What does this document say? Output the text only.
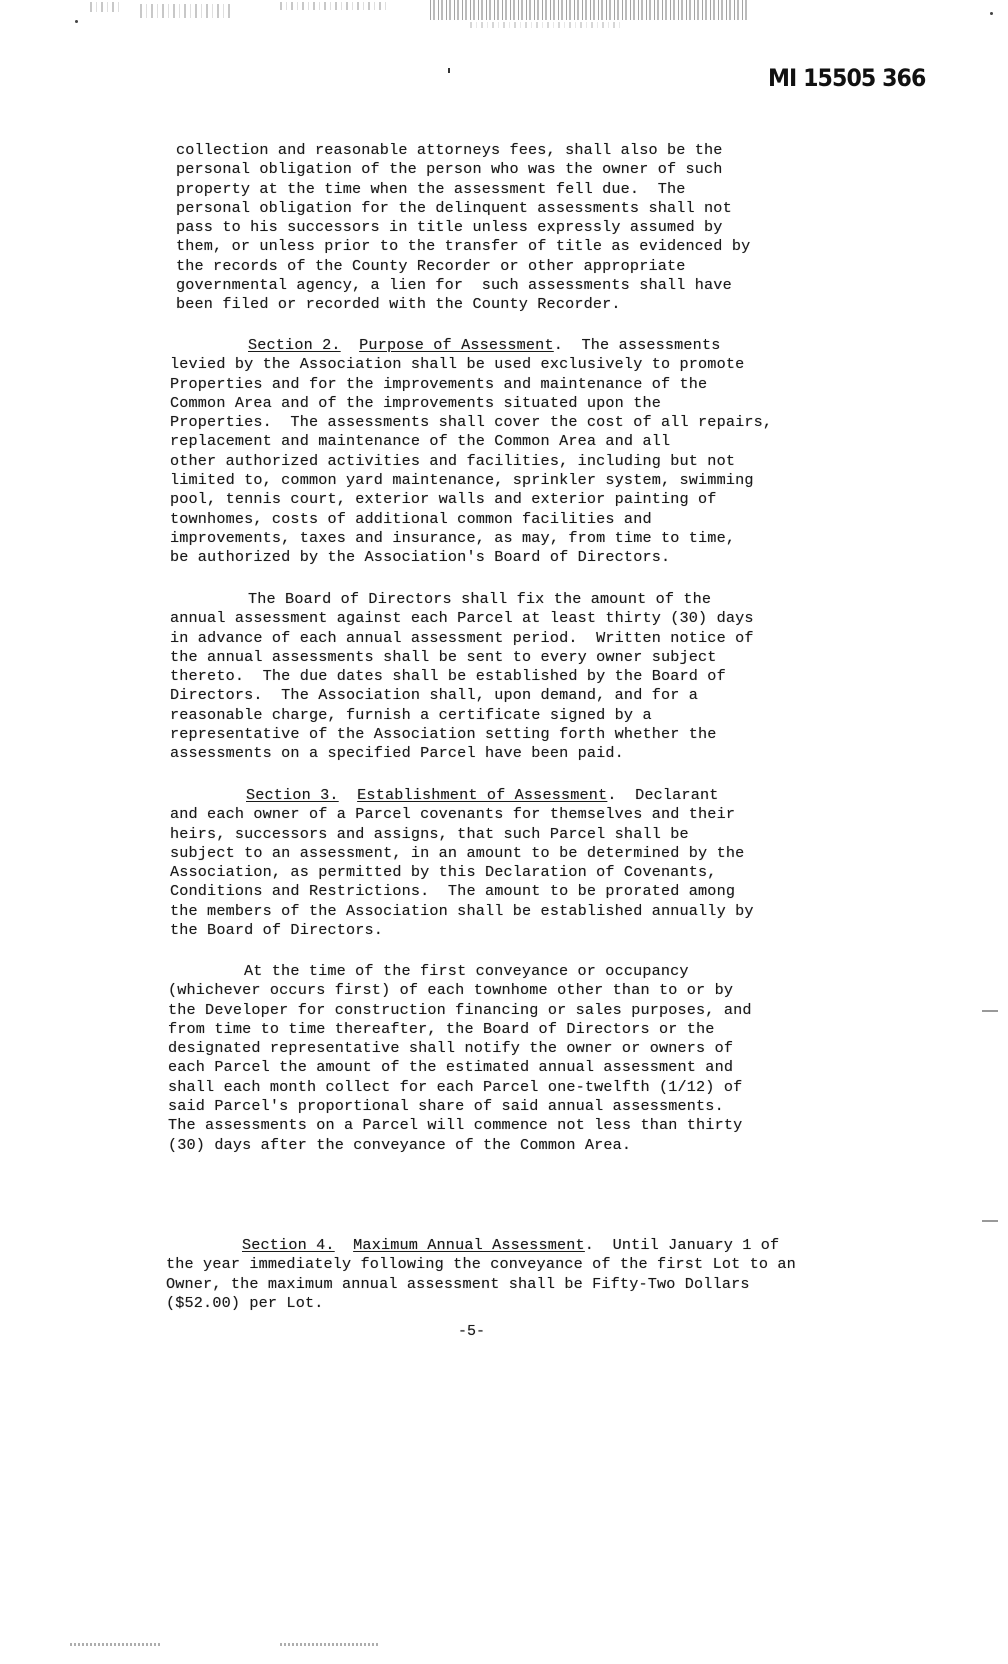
MI 15505 366
collection and reasonable attorneys fees, shall also be the
personal obligation of the person who was the owner of such
property at the time when the assessment fell due.  The
personal obligation for the delinquent assessments shall not
pass to his successors in title unless expressly assumed by
them, or unless prior to the transfer of title as evidenced by
the records of the County Recorder or other appropriate
governmental agency, a lien for  such assessments shall have
been filed or recorded with the County Recorder.
Section 2. Purpose of Assessment.  The assessments
levied by the Association shall be used exclusively to promote
Properties and for the improvements and maintenance of the
Common Area and of the improvements situated upon the
Properties.  The assessments shall cover the cost of all repairs,
replacement and maintenance of the Common Area and all
other authorized activities and facilities, including but not
limited to, common yard maintenance, sprinkler system, swimming
pool, tennis court, exterior walls and exterior painting of
townhomes, costs of additional common facilities and
improvements, taxes and insurance, as may, from time to time,
be authorized by the Association's Board of Directors.
The Board of Directors shall fix the amount of the
annual assessment against each Parcel at least thirty (30) days
in advance of each annual assessment period.  Written notice of
the annual assessments shall be sent to every owner subject
thereto.  The due dates shall be established by the Board of
Directors.  The Association shall, upon demand, and for a
reasonable charge, furnish a certificate signed by a
representative of the Association setting forth whether the
assessments on a specified Parcel have been paid.
Section 3. Establishment of Assessment.  Declarant
and each owner of a Parcel covenants for themselves and their
heirs, successors and assigns, that such Parcel shall be
subject to an assessment, in an amount to be determined by the
Association, as permitted by this Declaration of Covenants,
Conditions and Restrictions.  The amount to be prorated among
the members of the Association shall be established annually by
the Board of Directors.
At the time of the first conveyance or occupancy
(whichever occurs first) of each townhome other than to or by
the Developer for construction financing or sales purposes, and
from time to time thereafter, the Board of Directors or the
designated representative shall notify the owner or owners of
each Parcel the amount of the estimated annual assessment and
shall each month collect for each Parcel one-twelfth (1/12) of
said Parcel's proportional share of said annual assessments.
The assessments on a Parcel will commence not less than thirty
(30) days after the conveyance of the Common Area.
Section 4. Maximum Annual Assessment.  Until January 1 of
the year immediately following the conveyance of the first Lot to an
Owner, the maximum annual assessment shall be Fifty-Two Dollars
($52.00) per Lot.
-5-
